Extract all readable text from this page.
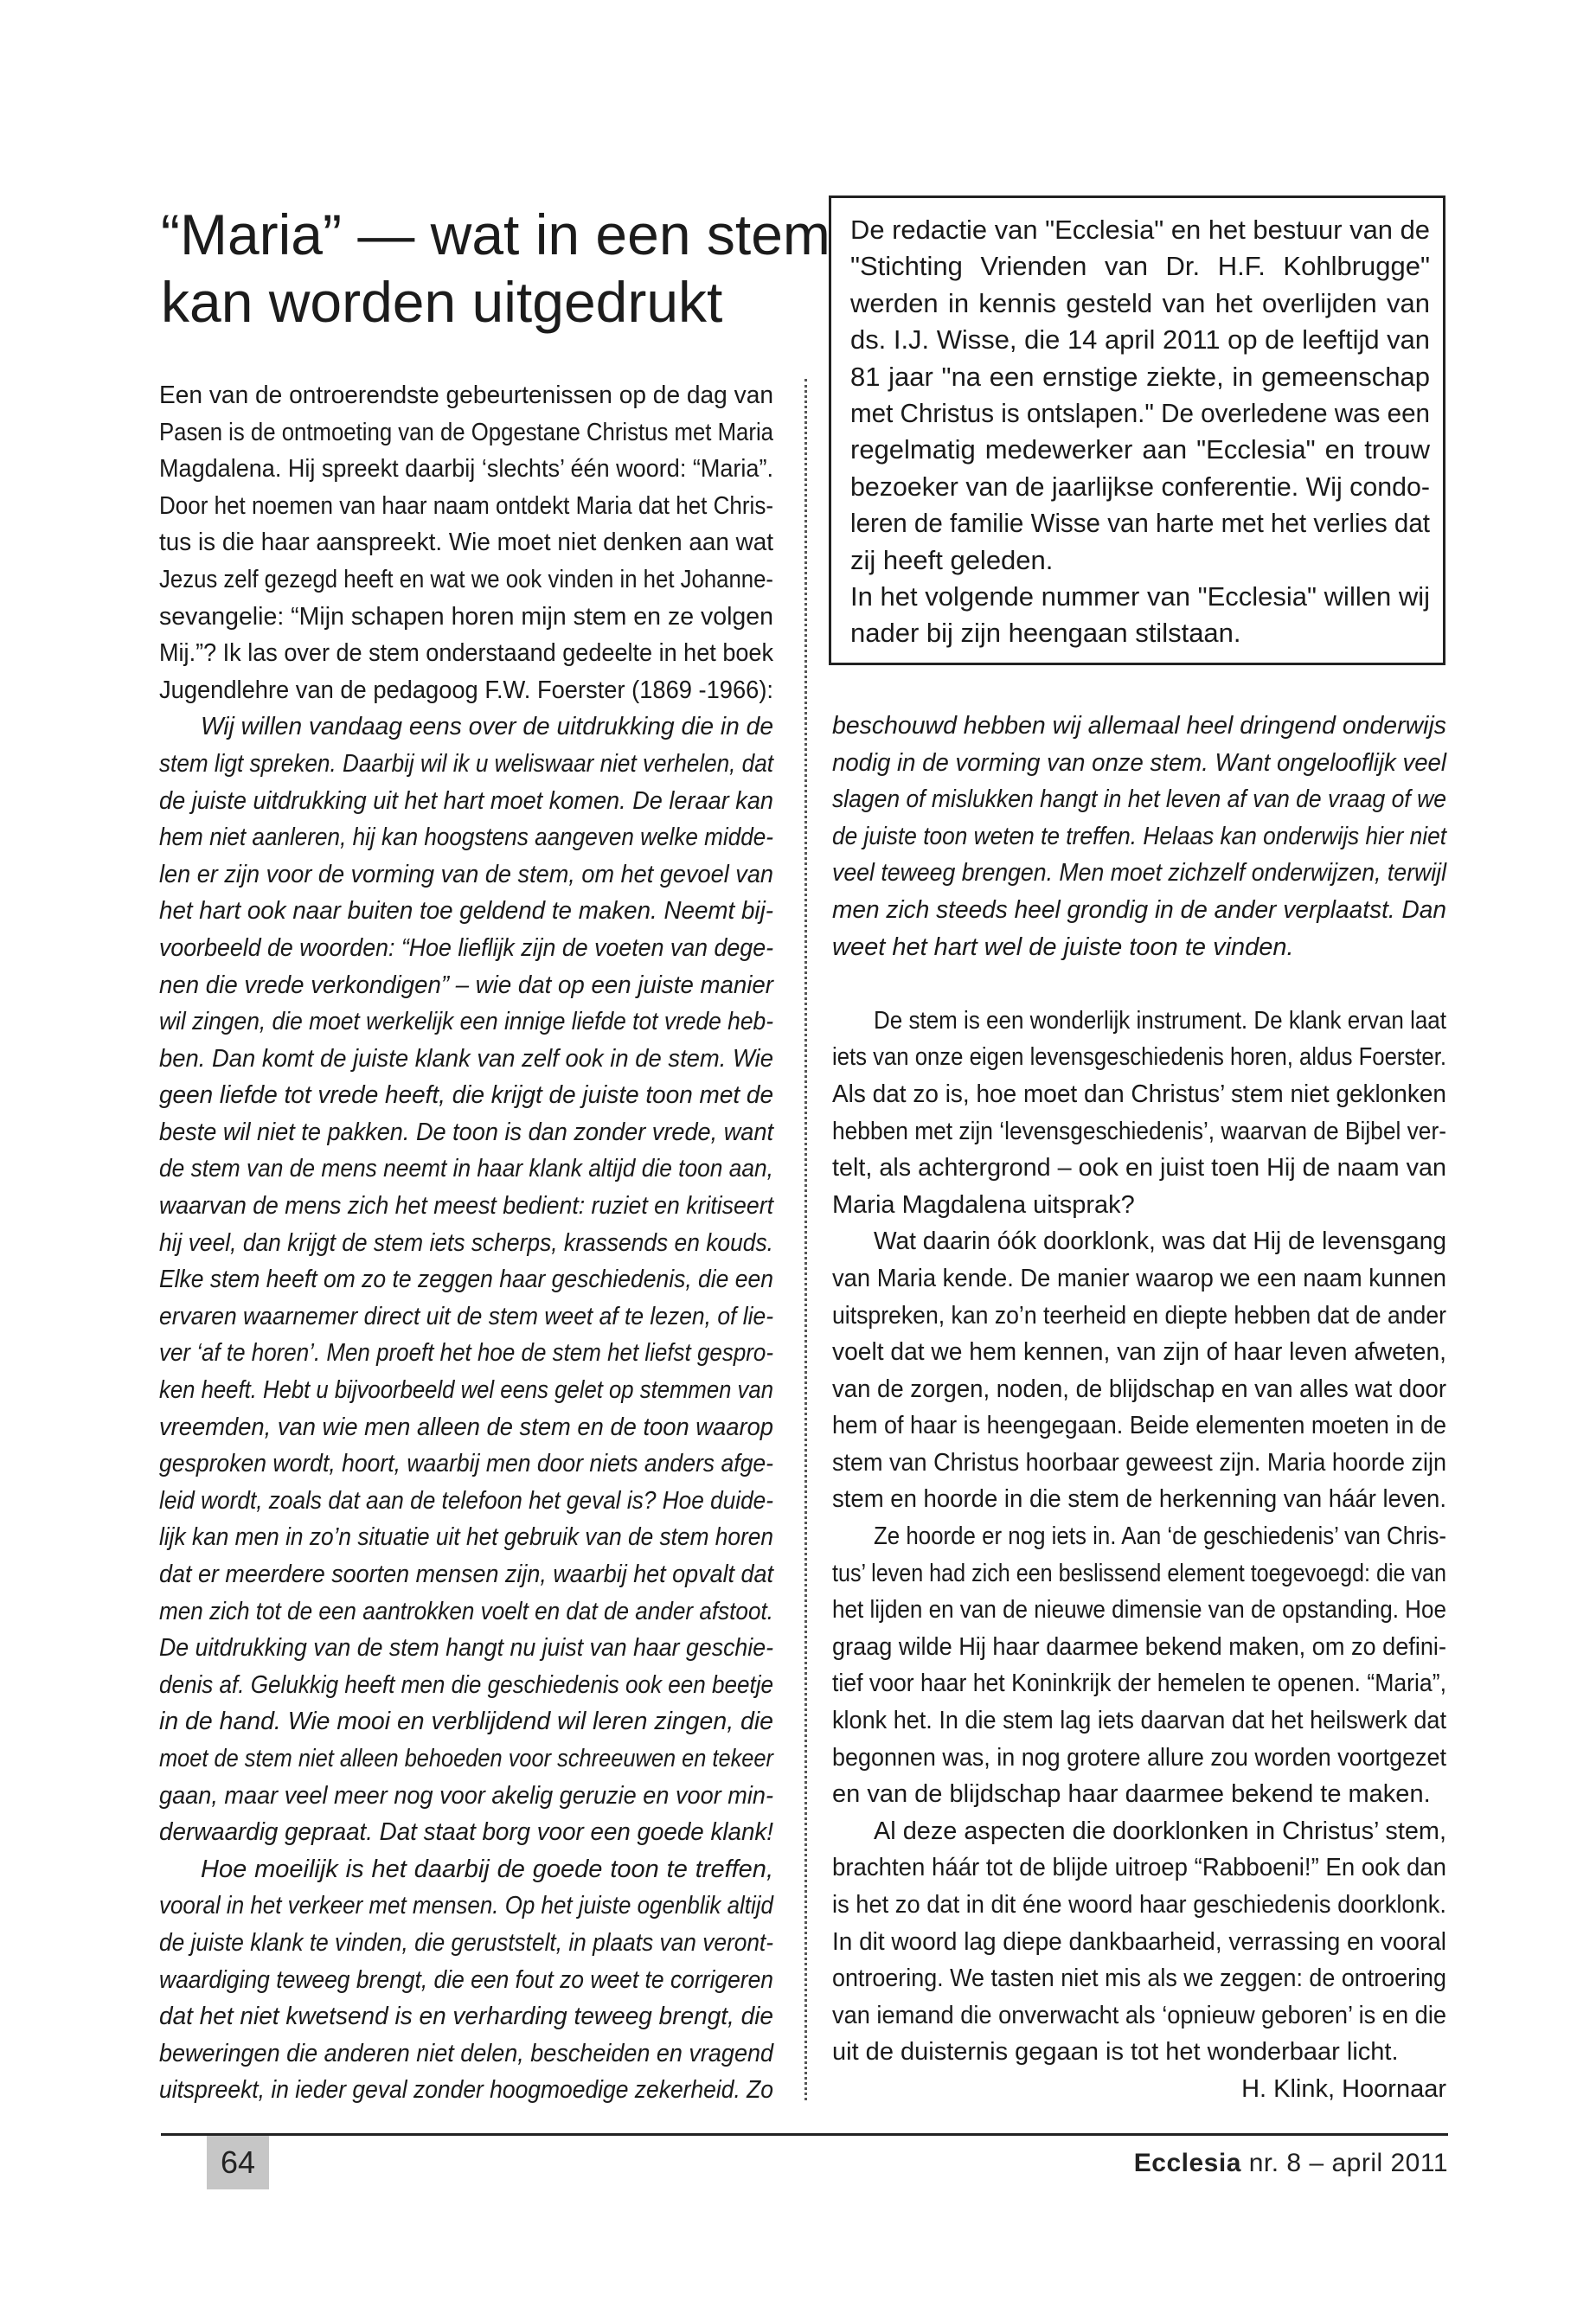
“Maria” — wat in een stem
kan worden uitgedrukt
Een van de ontroerendste gebeurtenissen op de dag van
Pasen is de ontmoeting van de Opgestane Christus met Maria
Magdalena. Hij spreekt daarbij ‘slechts’ één woord: “Maria”.
Door het noemen van haar naam ontdekt Maria dat het Chris-
tus is die haar aanspreekt. Wie moet niet denken aan wat
Jezus zelf gezegd heeft en wat we ook vinden in het Johanne-
sevangelie: “Mijn schapen horen mijn stem en ze volgen
Mij.”? Ik las over de stem onderstaand gedeelte in het boek
Jugendlehre van de pedagoog F.W. Foerster (1869 -1966):
Wij willen vandaag eens over de uitdrukking die in de
stem ligt spreken. Daarbij wil ik u weliswaar niet verhelen, dat
de juiste uitdrukking uit het hart moet komen. De leraar kan
hem niet aanleren, hij kan hoogstens aangeven welke midde-
len er zijn voor de vorming van de stem, om het gevoel van
het hart ook naar buiten toe geldend te maken. Neemt bij-
voorbeeld de woorden: “Hoe lieflijk zijn de voeten van dege-
nen die vrede verkondigen” – wie dat op een juiste manier
wil zingen, die moet werkelijk een innige liefde tot vrede heb-
ben. Dan komt de juiste klank van zelf ook in de stem. Wie
geen liefde tot vrede heeft, die krijgt de juiste toon met de
beste wil niet te pakken. De toon is dan zonder vrede, want
de stem van de mens neemt in haar klank altijd die toon aan,
waarvan de mens zich het meest bedient: ruziet en kritiseert
hij veel, dan krijgt de stem iets scherps, krassends en kouds.
Elke stem heeft om zo te zeggen haar geschiedenis, die een
ervaren waarnemer direct uit de stem weet af te lezen, of lie-
ver ‘af te horen’. Men proeft het hoe de stem het liefst gespro-
ken heeft. Hebt u bijvoorbeeld wel eens gelet op stemmen van
vreemden, van wie men alleen de stem en de toon waarop
gesproken wordt, hoort, waarbij men door niets anders afge-
leid wordt, zoals dat aan de telefoon het geval is? Hoe duide-
lijk kan men in zo’n situatie uit het gebruik van de stem horen
dat er meerdere soorten mensen zijn, waarbij het opvalt dat
men zich tot de een aantrokken voelt en dat de ander afstoot.
De uitdrukking van de stem hangt nu juist van haar geschie-
denis af. Gelukkig heeft men die geschiedenis ook een beetje
in de hand. Wie mooi en verblijdend wil leren zingen, die
moet de stem niet alleen behoeden voor schreeuwen en tekeer
gaan, maar veel meer nog voor akelig geruzie en voor min-
derwaardig gepraat. Dat staat borg voor een goede klank!
Hoe moeilijk is het daarbij de goede toon te treffen,
vooral in het verkeer met mensen. Op het juiste ogenblik altijd
de juiste klank te vinden, die geruststelt, in plaats van veront-
waardiging teweeg brengt, die een fout zo weet te corrigeren
dat het niet kwetsend is en verharding teweeg brengt, die
beweringen die anderen niet delen, bescheiden en vragend
uitspreekt, in ieder geval zonder hoogmoedige zekerheid. Zo
De redactie van "Ecclesia" en het bestuur van de
"Stichting Vrienden van Dr. H.F. Kohlbrugge"
werden in kennis gesteld van het overlijden van
ds. I.J. Wisse, die 14 april 2011 op de leeftijd van
81 jaar "na een ernstige ziekte, in gemeenschap
met Christus is ontslapen." De overledene was een
regelmatig medewerker aan "Ecclesia" en trouw
bezoeker van de jaarlijkse conferentie. Wij condo-
leren de familie Wisse van harte met het verlies dat
zij heeft geleden.
In het volgende nummer van "Ecclesia" willen wij
nader bij zijn heengaan stilstaan.
beschouwd hebben wij allemaal heel dringend onderwijs
nodig in de vorming van onze stem. Want ongelooflijk veel
slagen of mislukken hangt in het leven af van de vraag of we
de juiste toon weten te treffen. Helaas kan onderwijs hier niet
veel teweeg brengen. Men moet zichzelf onderwijzen, terwijl
men zich steeds heel grondig in de ander verplaatst. Dan
weet het hart wel de juiste toon te vinden.
De stem is een wonderlijk instrument. De klank ervan laat
iets van onze eigen levensgeschiedenis horen, aldus Foerster.
Als dat zo is, hoe moet dan Christus’ stem niet geklonken
hebben met zijn ‘levensgeschiedenis’, waarvan de Bijbel ver-
telt, als achtergrond – ook en juist toen Hij de naam van
Maria Magdalena uitsprak?
Wat daarin óók doorklonk, was dat Hij de levensgang
van Maria kende. De manier waarop we een naam kunnen
uitspreken, kan zo’n teerheid en diepte hebben dat de ander
voelt dat we hem kennen, van zijn of haar leven afweten,
van de zorgen, noden, de blijdschap en van alles wat door
hem of haar is heengegaan. Beide elementen moeten in de
stem van Christus hoorbaar geweest zijn. Maria hoorde zijn
stem en hoorde in die stem de herkenning van háár leven.
Ze hoorde er nog iets in. Aan ‘de geschiedenis’ van Chris-
tus’ leven had zich een beslissend element toegevoegd: die van
het lijden en van de nieuwe dimensie van de opstanding. Hoe
graag wilde Hij haar daarmee bekend maken, om zo defini-
tief voor haar het Koninkrijk der hemelen te openen. “Maria”,
klonk het. In die stem lag iets daarvan dat het heilswerk dat
begonnen was, in nog grotere allure zou worden voortgezet
en van de blijdschap haar daarmee bekend te maken.
Al deze aspecten die doorklonken in Christus’ stem,
brachten háár tot de blijde uitroep “Rabboeni!” En ook dan
is het zo dat in dit éne woord haar geschiedenis doorklonk.
In dit woord lag diepe dankbaarheid, verrassing en vooral
ontroering. We tasten niet mis als we zeggen: de ontroering
van iemand die onverwacht als ‘opnieuw geboren’ is en die
uit de duisternis gegaan is tot het wonderbaar licht.
H. Klink, Hoornaar
64	Ecclesia nr. 8 – april 2011
